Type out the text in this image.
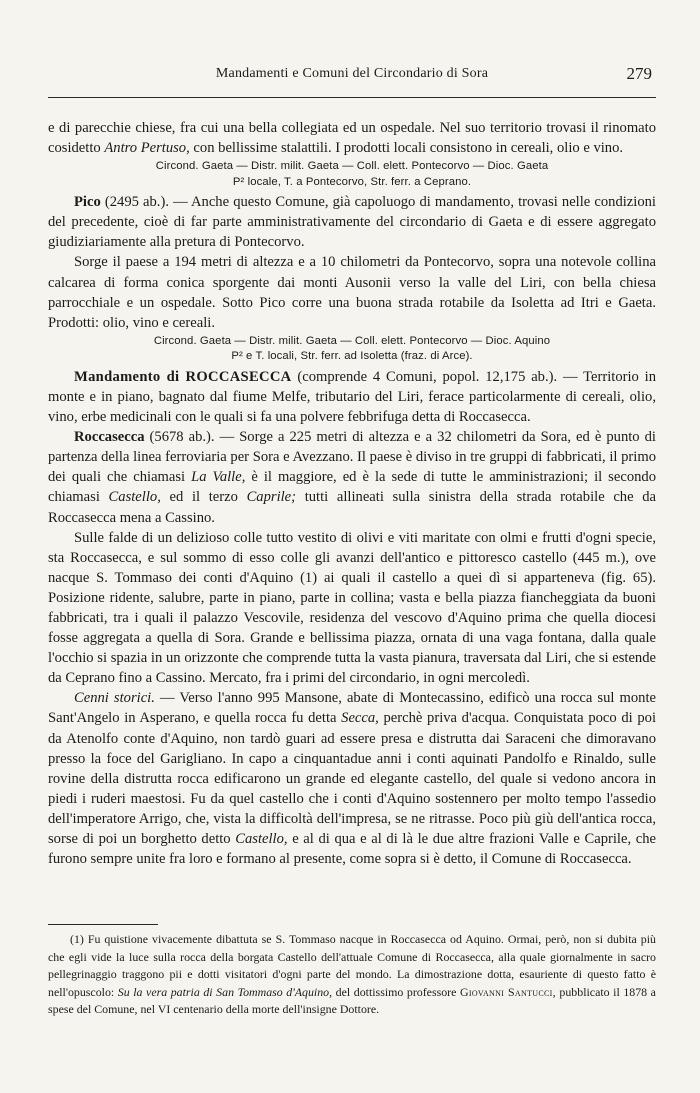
Mandamenti e Comuni del Circondario di Sora	279

e di parecchie chiese, fra cui una bella collegiata ed un ospedale. Nel suo territorio trovasi il rinomato cosidetto Antro Pertuso, con bellissime stalattili. I prodotti locali consistono in cereali, olio e vino.

Circond. Gaeta — Distr. milit. Gaeta — Coll. elett. Pontecorvo — Dioc. Gaeta
P² locale, T. a Pontecorvo, Str. ferr. a Ceprano.

Pico (2495 ab.). — Anche questo Comune, già capoluogo di mandamento, trovasi nelle condizioni del precedente, cioè di far parte amministrativamente del circondario di Gaeta e di essere aggregato giudiziariamente alla pretura di Pontecorvo.

Sorge il paese a 194 metri di altezza e a 10 chilometri da Pontecorvo, sopra una notevole collina calcarea di forma conica sporgente dai monti Ausonii verso la valle del Liri, con bella chiesa parrocchiale e un ospedale. Sotto Pico corre una buona strada rotabile da Isoletta ad Itri e Gaeta. Prodotti: olio, vino e cereali.

Circond. Gaeta — Distr. milit. Gaeta — Coll. elett. Pontecorvo — Dioc. Aquino
P² e T. locali, Str. ferr. ad Isoletta (fraz. di Arce).

Mandamento di ROCCASECCA (comprende 4 Comuni, popol. 12,175 ab.). — Territorio in monte e in piano, bagnato dal fiume Melfe, tributario del Liri, ferace particolarmente di cereali, olio, vino, erbe medicinali con le quali si fa una polvere febbrifuga detta di Roccasecca.

Roccasecca (5678 ab.). — Sorge a 225 metri di altezza e a 32 chilometri da Sora, ed è punto di partenza della linea ferroviaria per Sora e Avezzano. Il paese è diviso in tre gruppi di fabbricati, il primo dei quali che chiamasi La Valle, è il maggiore, ed è la sede di tutte le amministrazioni; il secondo chiamasi Castello, ed il terzo Caprile; tutti allineati sulla sinistra della strada rotabile che da Roccasecca mena a Cassino.

Sulle falde di un delizioso colle tutto vestito di olivi e viti maritate con olmi e frutti d'ogni specie, sta Roccasecca, e sul sommo di esso colle gli avanzi dell'antico e pittoresco castello (445 m.), ove nacque S. Tommaso dei conti d'Aquino (1) ai quali il castello a quei dì si apparteneva (fig. 65). Posizione ridente, salubre, parte in piano, parte in collina; vasta e bella piazza fiancheggiata da buoni fabbricati, tra i quali il palazzo Vescovile, residenza del vescovo d'Aquino prima che quella diocesi fosse aggregata a quella di Sora. Grande e bellissima piazza, ornata di una vaga fontana, dalla quale l'occhio si spazia in un orizzonte che comprende tutta la vasta pianura, traversata dal Liri, che si estende da Ceprano fino a Cassino. Mercato, fra i primi del circondario, in ogni mercoledì.

Cenni storici. — Verso l'anno 995 Mansone, abate di Montecassino, edificò una rocca sul monte Sant'Angelo in Asperano, e quella rocca fu detta Secca, perchè priva d'acqua. Conquistata poco di poi da Atenolfo conte d'Aquino, non tardò guari ad essere presa e distrutta dai Saraceni che dimoravano presso la foce del Garigliano. In capo a cinquantadue anni i conti aquinati Pandolfo e Rinaldo, sulle rovine della distrutta rocca edificarono un grande ed elegante castello, del quale si vedono ancora in piedi i ruderi maestosi. Fu da quel castello che i conti d'Aquino sostennero per molto tempo l'assedio dell'imperatore Arrigo, che, vista la difficoltà dell'impresa, se ne ritrasse. Poco più giù dell'antica rocca, sorse di poi un borghetto detto Castello, e al di qua e al di là le due altre frazioni Valle e Caprile, che furono sempre unite fra loro e formano al presente, come sopra si è detto, il Comune di Roccasecca.

(1) Fu quistione vivacemente dibattuta se S. Tommaso nacque in Roccasecca od Aquino. Ormai, però, non si dubita più che egli vide la luce sulla rocca della borgata Castello dell'attuale Comune di Roccasecca, alla quale giornalmente in sacro pellegrinaggio traggono pii e dotti visitatori d'ogni parte del mondo. La dimostrazione dotta, esauriente di questo fatto è nell'opuscolo: Su la vera patria di San Tommaso d'Aquino, del dottissimo professore Giovanni Santucci, pubblicato il 1878 a spese del Comune, nel VI centenario della morte dell'insigne Dottore.
